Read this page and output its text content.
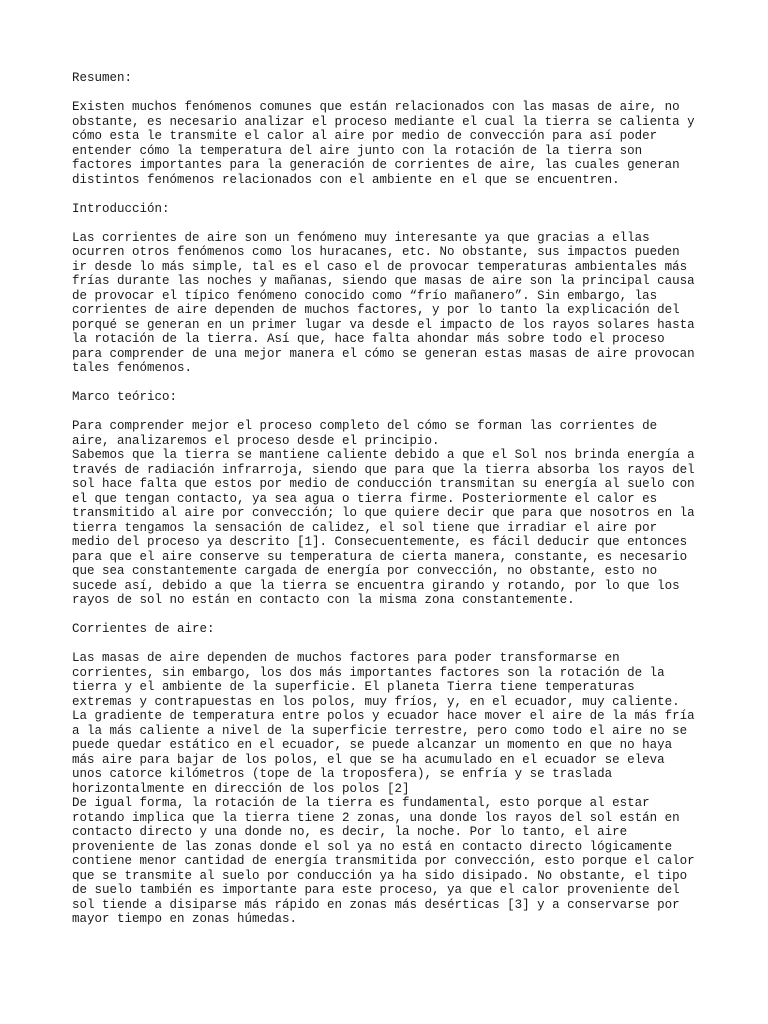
Resumen:
Existen muchos fenómenos comunes que están relacionados con las masas de aire, no
obstante, es necesario analizar el proceso mediante el cual la tierra se calienta y
cómo esta le transmite el calor al aire por medio de convección para así poder
entender cómo la temperatura del aire junto con la rotación de la tierra son
factores importantes para la generación de corrientes de aire, las cuales generan
distintos fenómenos relacionados con el ambiente en el que se encuentren.
Introducción:
Las corrientes de aire son un fenómeno muy interesante ya que gracias a ellas
ocurren otros fenómenos como los huracanes, etc. No obstante, sus impactos pueden
ir desde lo más simple, tal es el caso el de provocar temperaturas ambientales más
frías durante las noches y mañanas, siendo que masas de aire son la principal causa
de provocar el típico fenómeno conocido como “frío mañanero”. Sin embargo, las
corrientes de aire dependen de muchos factores, y por lo tanto la explicación del
porqué se generan en un primer lugar va desde el impacto de los rayos solares hasta
la rotación de la tierra. Así que, hace falta ahondar más sobre todo el proceso
para comprender de una mejor manera el cómo se generan estas masas de aire provocan
tales fenómenos.
Marco teórico:
Para comprender mejor el proceso completo del cómo se forman las corrientes de
aire, analizaremos el proceso desde el principio.
Sabemos que la tierra se mantiene caliente debido a que el Sol nos brinda energía a
través de radiación infrarroja, siendo que para que la tierra absorba los rayos del
sol hace falta que estos por medio de conducción transmitan su energía al suelo con
el que tengan contacto, ya sea agua o tierra firme. Posteriormente el calor es
transmitido al aire por convección; lo que quiere decir que para que nosotros en la
tierra tengamos la sensación de calidez, el sol tiene que irradiar el aire por
medio del proceso ya descrito [1]. Consecuentemente, es fácil deducir que entonces
para que el aire conserve su temperatura de cierta manera, constante, es necesario
que sea constantemente cargada de energía por convección, no obstante, esto no
sucede así, debido a que la tierra se encuentra girando y rotando, por lo que los
rayos de sol no están en contacto con la misma zona constantemente.
Corrientes de aire:
Las masas de aire dependen de muchos factores para poder transformarse en
corrientes, sin embargo, los dos más importantes factores son la rotación de la
tierra y el ambiente de la superficie. El planeta Tierra tiene temperaturas
extremas y contrapuestas en los polos, muy fríos, y, en el ecuador, muy caliente.
La gradiente de temperatura entre polos y ecuador hace mover el aire de la más fría
a la más caliente a nivel de la superficie terrestre, pero como todo el aire no se
puede quedar estático en el ecuador, se puede alcanzar un momento en que no haya
más aire para bajar de los polos, el que se ha acumulado en el ecuador se eleva
unos catorce kilómetros (tope de la troposfera), se enfría y se traslada
horizontalmente en dirección de los polos [2]
De igual forma, la rotación de la tierra es fundamental, esto porque al estar
rotando implica que la tierra tiene 2 zonas, una donde los rayos del sol están en
contacto directo y una donde no, es decir, la noche. Por lo tanto, el aire
proveniente de las zonas donde el sol ya no está en contacto directo lógicamente
contiene menor cantidad de energía transmitida por convección, esto porque el calor
que se transmite al suelo por conducción ya ha sido disipado. No obstante, el tipo
de suelo también es importante para este proceso, ya que el calor proveniente del
sol tiende a disiparse más rápido en zonas más desérticas [3] y a conservarse por
mayor tiempo en zonas húmedas.
